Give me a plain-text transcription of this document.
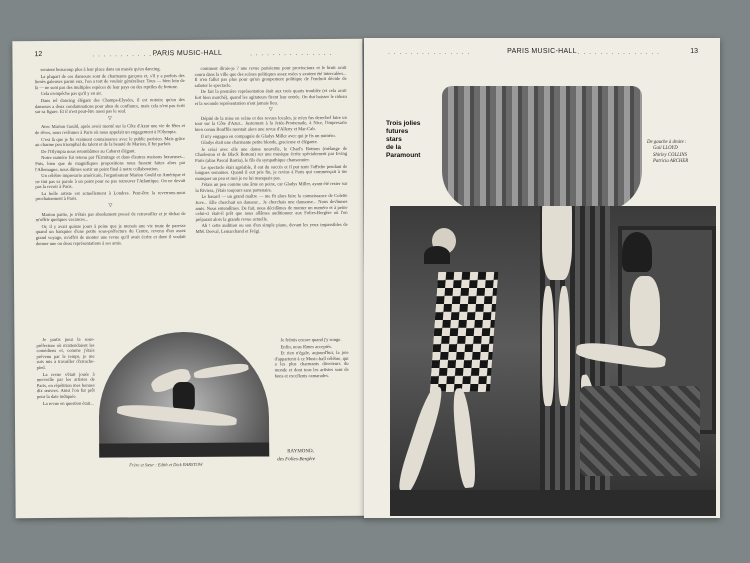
12	· · · · · · · · · · · · · · ·
PARIS MUSIC-HALL	· · · · · · · · · · · · · · ·

seraient beaucoup plus à leur place dans un musée qu'en dancing.

La plupart de ces danseurs sont de charmants garçons et, s'il y a parfois des lionès galeuses parmi eux, l'on a tort de vouloir généraliser. Tous — bien loin de là — ne sont pas des multiples espèces de leur pays ou des reptiles de fortune.

Cela n'empêche pas qu'il y en ait.

Dans tel dancing élégant des Champs-Elysées, il est notoire qu'un des danseurs a deux condamnations pour abus de confiance, mais cela n'est pas écrit sur sa figure. Et il n'est peut-être aussi pas le seul.

▽

Avec Marion Gould, après avoir monté sur la Côte d'Azur une vie de fêtes et de rêves, nous revînmes à Paris où nous appelait un engagement à l'Olympia.

C'est là que je fis vraiment connaissance avec le public parisien. Mais grâce au charme peu triomphal du talent et de la beauté de Marion, il fut parfait.

De l'Olympia nous retombâmes au Cabaret élégant.

Notre numéro fut retenu par l'Ermitage et dans d'autres maisons luxueuses... Puis, bien que de magnifiques propositions nous fussent faites alors par l'Allemagne, nous dûmes sortir un point final à notre collaboration.

Un célèbre impresario américain, l'organisateur Marion Gould en Amérique et ne tint pas sa parole à un point pour ne pas retrouver l'Atlantique. On ne devait pas la revoir à Paris.

La belle artiste est actuellement à Londres. Peut-être la reverrons-nous prochainement à Paris.

▽

Marion partie, je n'étais pas absolument pressé de retravailler et je tâchai de m'offrir quelques vacances...

Or, il y avait quinze jours à peine que je menais une vie toute de paresse quand un banquier d'une petite sous-préfecture du Centre, revenu d'un assez grand voyage, m'offrit de monter une revue qu'il avait écrite et dont il voulait donner une ou deux représentations à ses amis.

Je partis pour la sous-préfecture où m'attendaient les comédiens et, comme j'étais prévenu par le temps, je me suis mis à travailler d'arrache-pied.

La revue s'était jouée à merveille par les artistes de Paris, en répétition mes bonnes dix œuvres. Ainsi l'on fut prêt pour la date indiquée.

La revue en question était...

comment dirais-je ? une revue parisienne pour provinciaux et le bruit avait couru dans la ville que des scènes politiques assez osées y avaient été intercalées... Il n'en fallut pas plus pour qu'un groupement politique de l'endroit décide de saboter le spectacle.

De fait la première représentation était aux trois quarts troublée (et cela avait fort bien marché), quand les agitateurs firent leur entrée. On dut baisser le rideau et la seconde représentation n'eut jamais lieu.

▽

Dépité de la mise en scène et des revues locales, je m'en fus derechef faire un tour sur la Côte d'Azur... Justement à la Jetée-Promenade, à Nice, l'impresario bien connu Bouffils montait alors une revue d'Alleny et Mar-Cab.

Il m'y engagea en compagnie de Gladys Miller avec qui je fis un numéro.

Gladys était une charmante petite blonde, gracieuse et élégante.

Je créai avec elle une danse nouvelle, le Charl's Bottom (mélange de Charleston et de Black Bottom) sur une musique écrite spécialement par Irving Paris (alias Pascal Bastia), le fils du sympathique chansonnier.

Le spectacle était agréable, il eut du succès et il put tenir l'affiche pendant de longues semaines. Quand il eut pris fin, je revins à Paris qui commençait à me manquer un peu et moi je ne lui manquais pas.

J'étais un peu comme une âme en peine, car Gladys Miller, ayant été rester sur la Riviera, j'étais toujours sans partenaire.

Le hasard — un grand maître — me fit alors faire la connaissance de Colette Juve... Elle cherchait un danseur... Je cherchais une danseuse... Nous devînmes amis. Nous entendîmes. De fait, nous décidâmes de monter un numéro et à peine celui-ci était-il prêt que nous allâmes auditionner aux Folies-Bergère où l'on préparait alors la grande revue actuelle.

Ah ! cette audition ou son d'un simple piano, devant les yeux impassibles de MM. Derval, Lemarchand et Frégi.

Je frémis encore quand j'y songe.

Enfin, nous fûmes acceptés.

Et rien n'égale, aujourd'hui, la joie d'appartenir à ce Music-hall célèbre, qui a les plus charmants directeurs du monde et dont tous les artistes sont de bons et excellents camarades.

Frère et Sœur : Edith et Dick BARSTOW
RAYMOND,
des Folies-Bergère
· · · · · · · · · · · · · · ·	PARIS MUSIC-HALL · · · · · · · · · · · · · · ·	13
Trois jolies
futures
stars
de la
Paramount
De gauche à droite :
Gail LLOYD
Shirley COLLINS
Patricia ARCHER
